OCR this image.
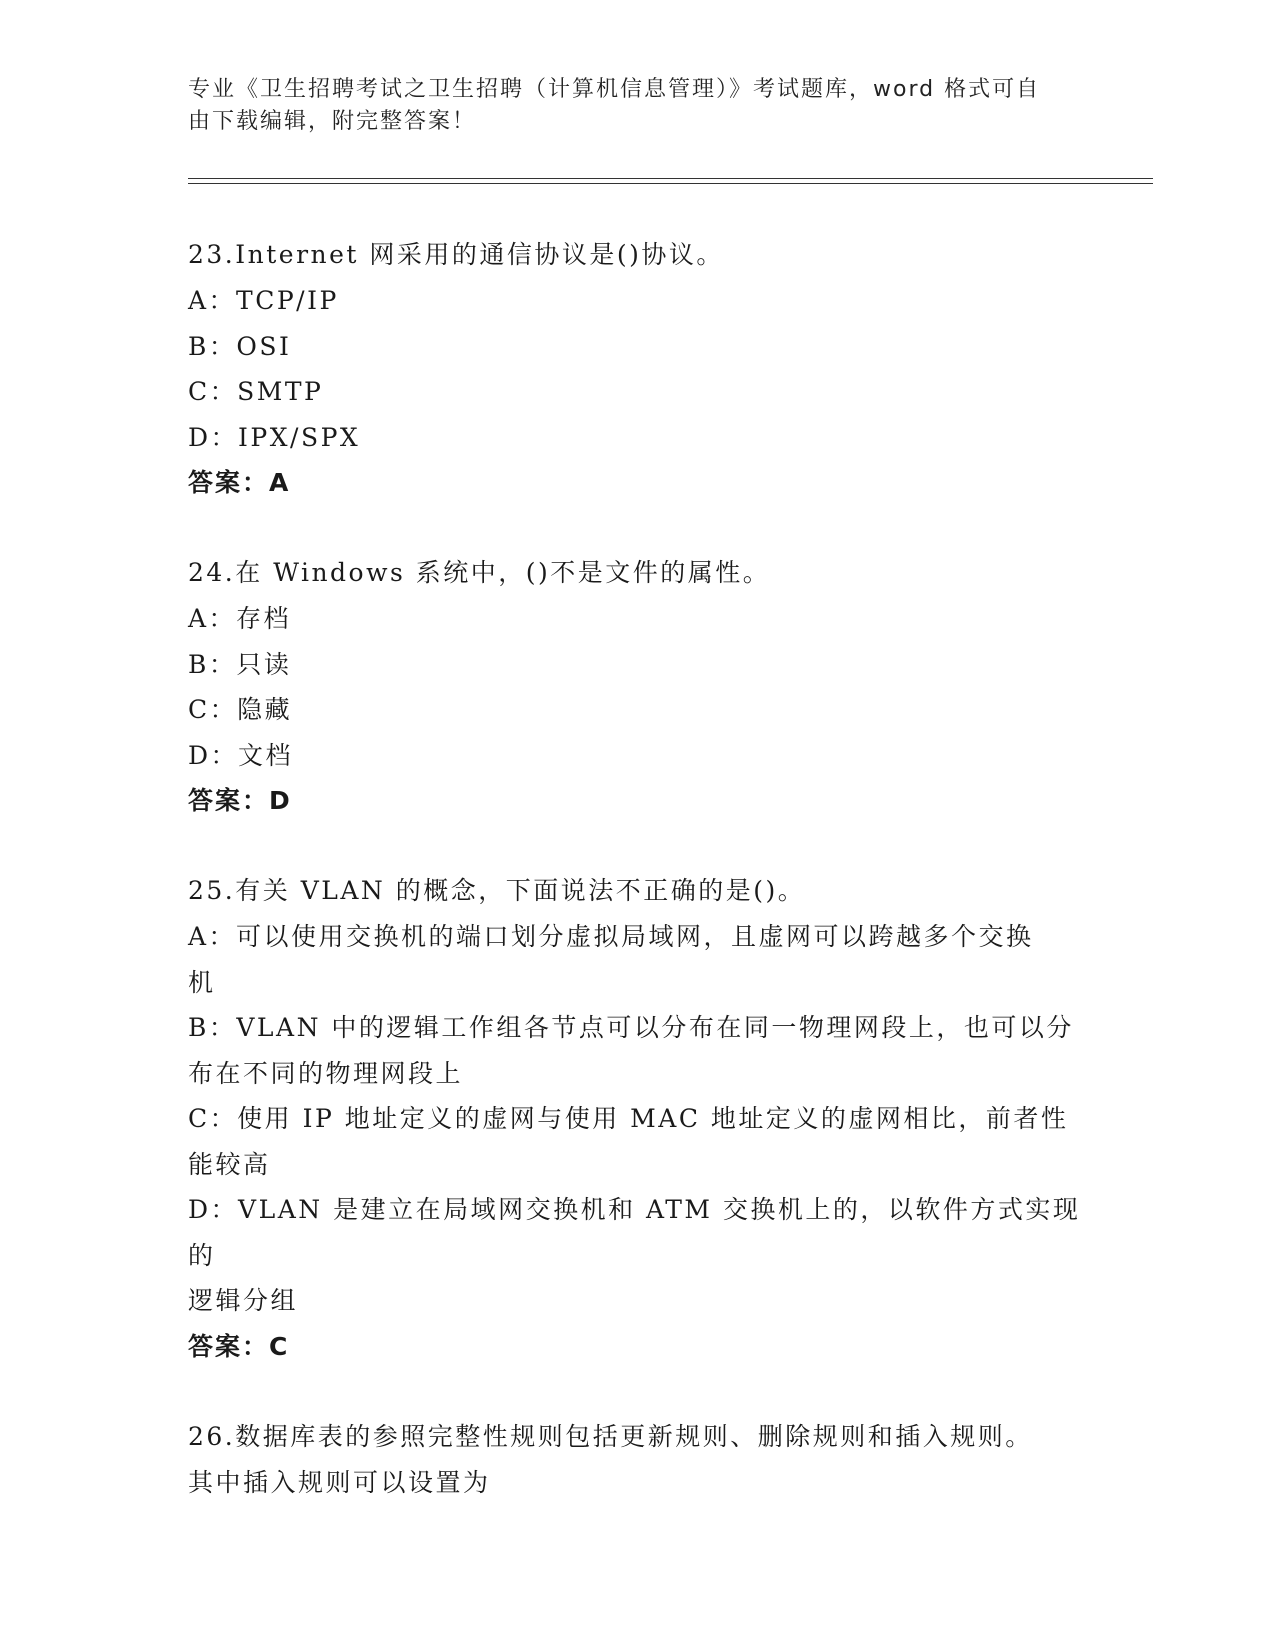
专业《卫生招聘考试之卫生招聘（计算机信息管理）》考试题库，word 格式可自
由下载编辑，附完整答案！

23.Internet 网采用的通信协议是()协议。

A：TCP/IP

B：OSI

C：SMTP

D：IPX/SPX

答案：A

24.在 Windows 系统中，()不是文件的属性。

A：存档

B：只读

C：隐藏

D：文档

答案：D

25.有关 VLAN 的概念，下面说法不正确的是()。

A：可以使用交换机的端口划分虚拟局域网，且虚网可以跨越多个交换

机

B：VLAN 中的逻辑工作组各节点可以分布在同一物理网段上，也可以分

布在不同的物理网段上

C：使用 IP 地址定义的虚网与使用 MAC 地址定义的虚网相比，前者性

能较高

D：VLAN 是建立在局域网交换机和 ATM 交换机上的，以软件方式实现的

逻辑分组

答案：C

26.数据库表的参照完整性规则包括更新规则、删除规则和插入规则。

其中插入规则可以设置为
